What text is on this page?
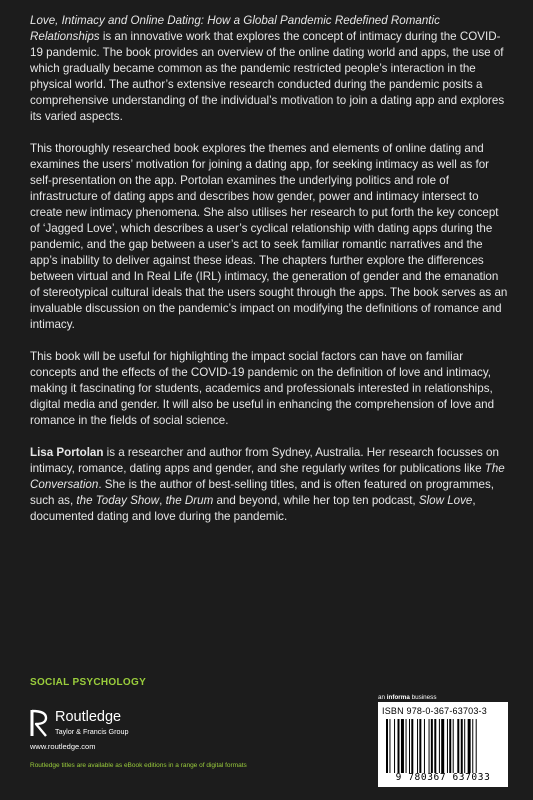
Love, Intimacy and Online Dating: How a Global Pandemic Redefined Romantic Relationships is an innovative work that explores the concept of intimacy during the COVID-19 pandemic. The book provides an overview of the online dating world and apps, the use of which gradually became common as the pandemic restricted people’s interaction in the physical world. The author’s extensive research conducted during the pandemic posits a comprehensive understanding of the individual’s motivation to join a dating app and explores its varied aspects.

This thoroughly researched book explores the themes and elements of online dating and examines the users’ motivation for joining a dating app, for seeking intimacy as well as for self-presentation on the app. Portolan examines the underlying politics and role of infrastructure of dating apps and describes how gender, power and intimacy intersect to create new intimacy phenomena. She also utilises her research to put forth the key concept of ‘Jagged Love’, which describes a user’s cyclical relationship with dating apps during the pandemic, and the gap between a user’s act to seek familiar romantic narratives and the app’s inability to deliver against these ideas. The chapters further explore the differences between virtual and In Real Life (IRL) intimacy, the generation of gender and the emanation of stereotypical cultural ideals that the users sought through the apps. The book serves as an invaluable discussion on the pandemic’s impact on modifying the definitions of romance and intimacy.

This book will be useful for highlighting the impact social factors can have on familiar concepts and the effects of the COVID-19 pandemic on the definition of love and intimacy, making it fascinating for students, academics and professionals interested in relationships, digital media and gender. It will also be useful in enhancing the comprehension of love and romance in the fields of social science.

Lisa Portolan is a researcher and author from Sydney, Australia. Her research focusses on intimacy, romance, dating apps and gender, and she regularly writes for publications like The Conversation. She is the author of best-selling titles, and is often featured on programmes, such as, the Today Show, the Drum and beyond, while her top ten podcast, Slow Love, documented dating and love during the pandemic.

SOCIAL PSYCHOLOGY
Routledge
Taylor & Francis Group
www.routledge.com
an informa business
ISBN 978-0-367-63703-3
9 780367 637033
Routledge titles are available as eBook editions in a range of digital formats
